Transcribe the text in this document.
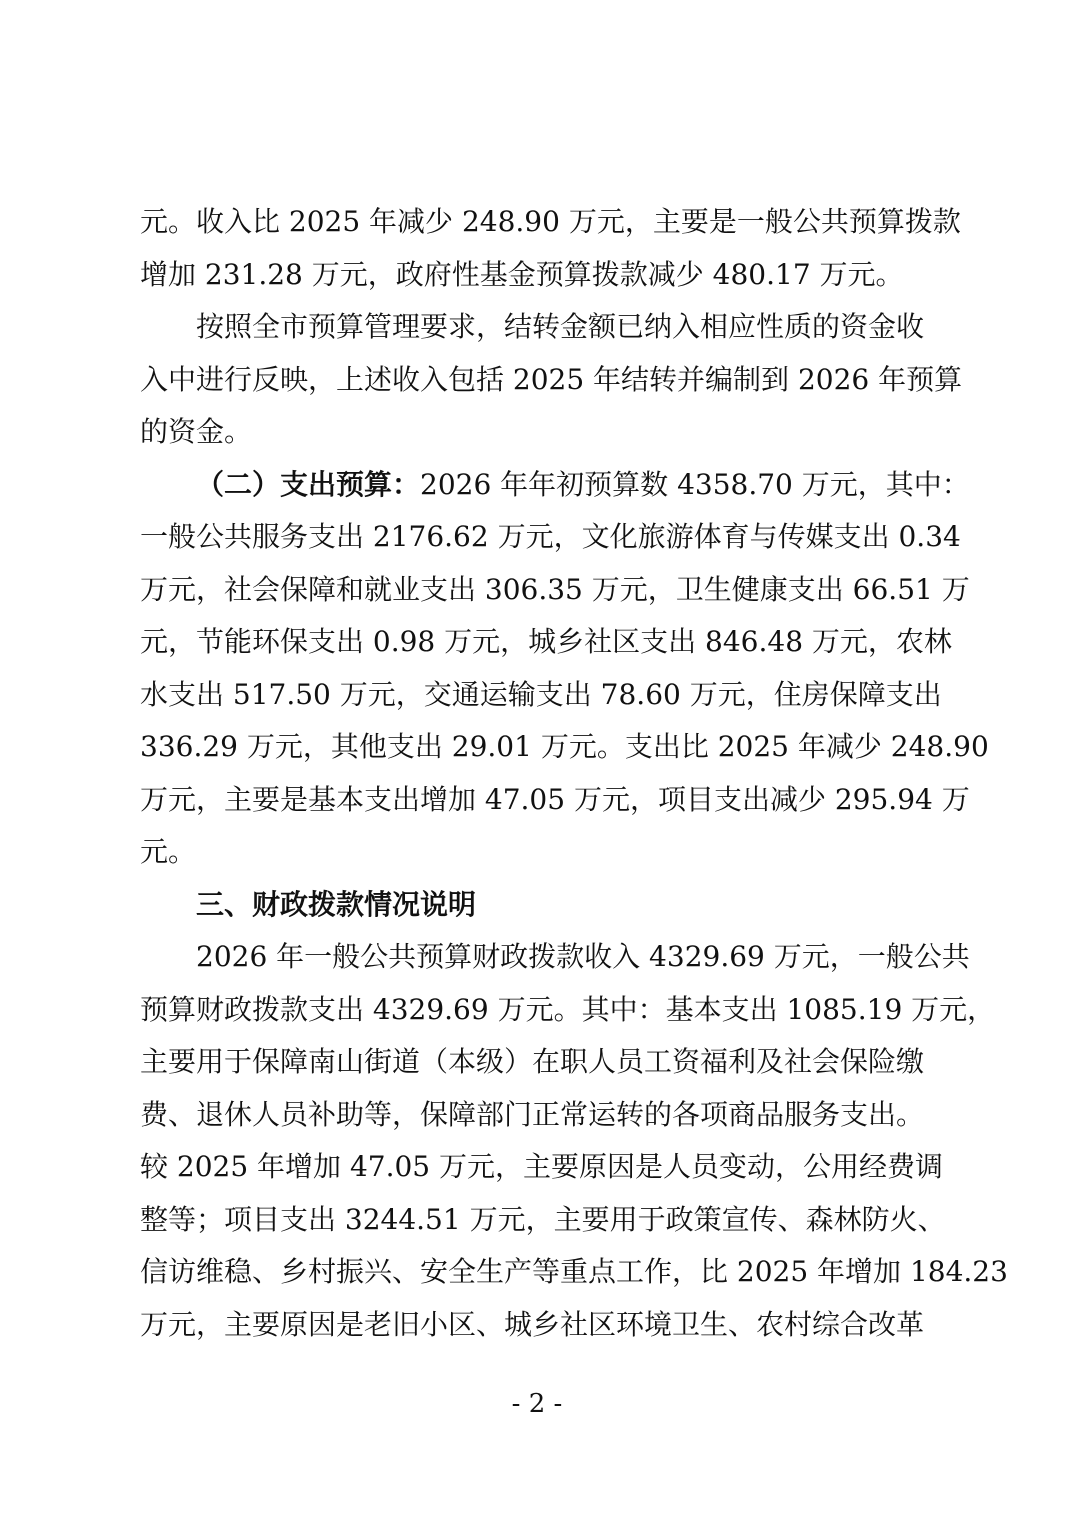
元。收入比 2025 年减少 248.90 万元，主要是一般公共预算拨款
增加 231.28 万元，政府性基金预算拨款减少 480.17 万元。
按照全市预算管理要求，结转金额已纳入相应性质的资金收
入中进行反映，上述收入包括 2025 年结转并编制到 2026 年预算
的资金。
（二）支出预算： 2026 年年初预算数 4358.70 万元，其中：
一般公共服务支出 2176.62 万元，文化旅游体育与传媒支出 0.34
万元，社会保障和就业支出 306.35 万元，卫生健康支出 66.51 万
元，节能环保支出 0.98 万元，城乡社区支出 846.48 万元，农林
水支出 517.50 万元，交通运输支出 78.60 万元，住房保障支出
336.29 万元，其他支出 29.01 万元。支出比 2025 年减少 248.90
万元，主要是基本支出增加 47.05 万元，项目支出减少 295.94 万
元。
三、财政拨款情况说明
2026 年一般公共预算财政拨款收入 4329.69 万元，一般公共
预算财政拨款支出 4329.69 万元。其中：基本支出 1085.19 万元，
主要用于保障南山街道（本级）在职人员工资福利及社会保险缴
费、退休人员补助等，保障部门正常运转的各项商品服务支出。
较 2025 年增加 47.05 万元，主要原因是人员变动，公用经费调
整等；项目支出 3244.51 万元，主要用于政策宣传、森林防火、
信访维稳、乡村振兴、安全生产等重点工作，比 2025 年增加 184.23
万元，主要原因是老旧小区、城乡社区环境卫生、农村综合改革
- 2 -
